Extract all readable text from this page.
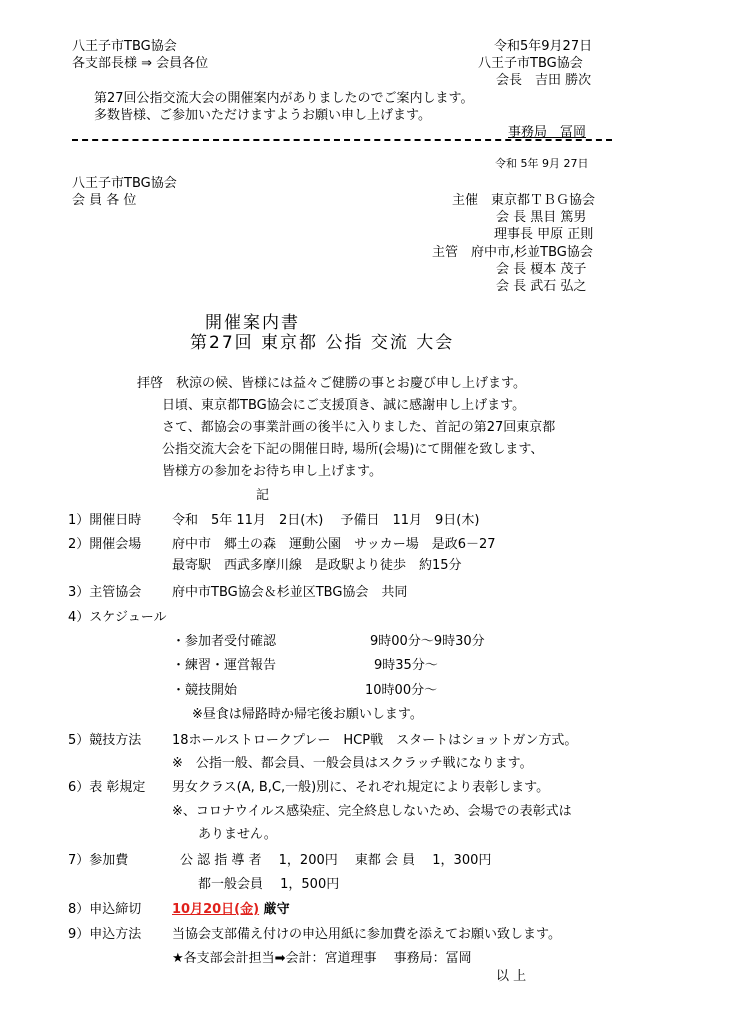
八王子市TBG協会
各支部長様 ⇒ 会員各位
令和5年9月27日
八王子市TBG協会
会長　吉田 勝次
第27回公指交流大会の開催案内がありましたのでご案内します。
多数皆様、ご参加いただけますようお願い申し上げます。
事務局　冨岡
令和 5年 9月 27日
八王子市TBG協会
会 員 各 位	主催　東京都ＴＢＧ協会
会 長 黒目 篤男
理事長 甲原 正則
主管　府中市,杉並TBG協会
会 長 榎本 茂子
会 長 武石 弘之
開催案内書
第27回 東京都 公指 交流 大会
拝啓　秋涼の候、皆様には益々ご健勝の事とお慶び申し上げます。
日頃、東京都TBG協会にご支援頂き、誠に感謝申し上げます。
さて、都協会の事業計画の後半に入りました、首記の第27回東京都
公指交流大会を下記の開催日時, 場所(会場)にて開催を致します、
皆様方の参加をお待ち申し上げます。
記
1）開催日時 令和　5年 11月　2日(木)　 予備日　11月　9日(木)
2）開催会場 府中市　郷土の森　運動公園　サッカー場　是政6－27
最寄駅　西武多摩川線　是政駅より徒歩　約15分
3）主管協会 府中市TBG協会＆杉並区TBG協会　共同
4）スケジュール
・参加者受付確認	9時00分～9時30分
・練習・運営報告	9時35分～
・競技開始	10時00分～
※昼食は帰路時か帰宅後お願いします。
5）競技方法 18ホールストロークプレー　HCP戦　スタートはショットガン方式。
※　公指一般、都会員、一般会員はスクラッチ戦になります。
6）表 彰規定 男女クラス(A, B,C,一般)別に、それぞれ規定により表彰します。
※、コロナウイルス感染症、完全終息しないため、会場での表彰式は
ありません。
7）参加費	公 認 指 導 者　 1，200円　 東都 会 員　 1，300円
都一般会員　 1，500円
8）申込締切 10月20日(金) 厳守
9）申込方法 当協会支部備え付けの申込用紙に参加費を添えてお願い致します。
★各支部会計担当➡会計：宮道理事　 事務局：冨岡
以 上
